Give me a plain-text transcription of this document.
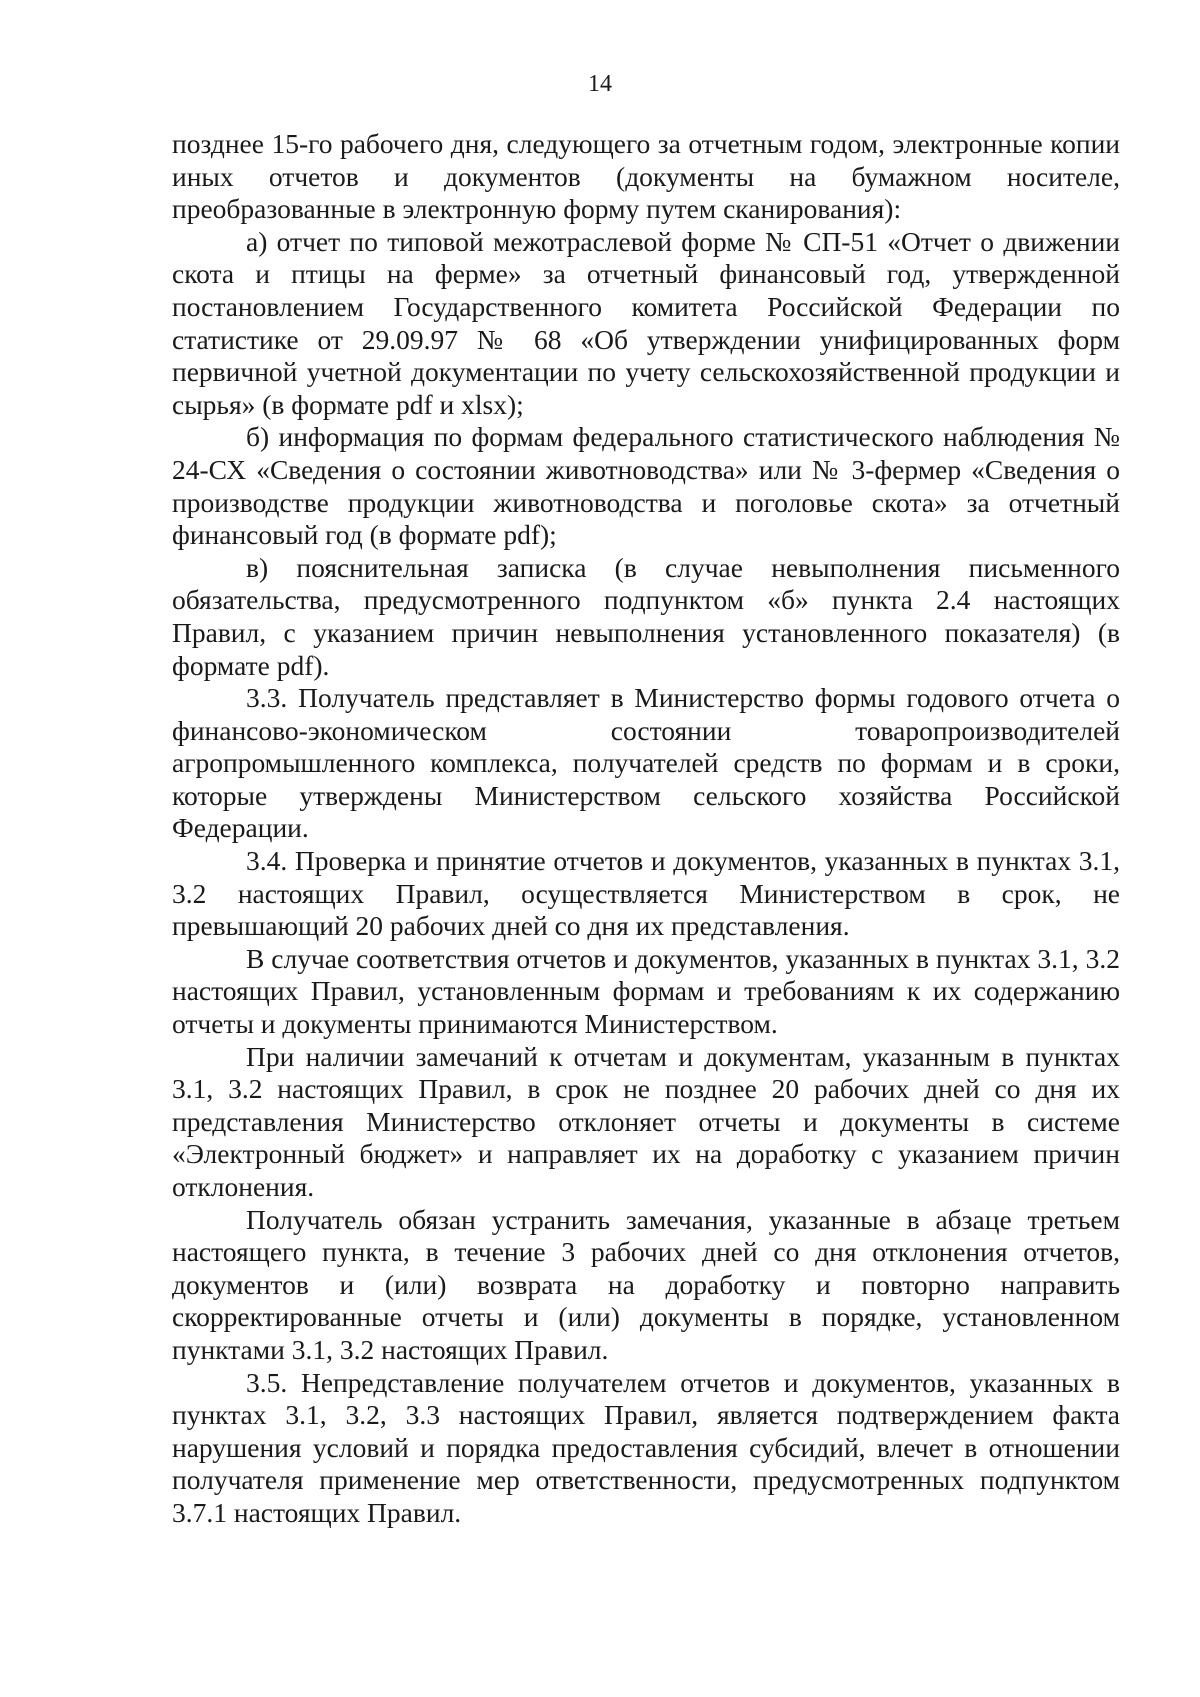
14

позднее 15-го рабочего дня, следующего за отчетным годом, электронные копии иных отчетов и документов (документы на бумажном носителе, преобразованные в электронную форму путем сканирования):

а) отчет по типовой межотраслевой форме № СП-51 «Отчет о движении скота и птицы на ферме» за отчетный финансовый год, утвержденной постановлением Государственного комитета Российской Федерации по статистике от 29.09.97 № 68 «Об утверждении унифицированных форм первичной учетной документации по учету сельскохозяйственной продукции и сырья» (в формате pdf и xlsx);

б) информация по формам федерального статистического наблюдения № 24-СХ «Сведения о состоянии животноводства» или № 3-фермер «Сведения о производстве продукции животноводства и поголовье скота» за отчетный финансовый год (в формате pdf);

в) пояснительная записка (в случае невыполнения письменного обязательства, предусмотренного подпунктом «б» пункта 2.4 настоящих Правил, с указанием причин невыполнения установленного показателя) (в формате pdf).

3.3. Получатель представляет в Министерство формы годового отчета о финансово-экономическом состоянии товаропроизводителей агропромышленного комплекса, получателей средств по формам и в сроки, которые утверждены Министерством сельского хозяйства Российской Федерации.

3.4. Проверка и принятие отчетов и документов, указанных в пунктах 3.1, 3.2 настоящих Правил, осуществляется Министерством в срок, не превышающий 20 рабочих дней со дня их представления.

В случае соответствия отчетов и документов, указанных в пунктах 3.1, 3.2 настоящих Правил, установленным формам и требованиям к их содержанию отчеты и документы принимаются Министерством.

При наличии замечаний к отчетам и документам, указанным в пунктах 3.1, 3.2 настоящих Правил, в срок не позднее 20 рабочих дней со дня их представления Министерство отклоняет отчеты и документы в системе «Электронный бюджет» и направляет их на доработку с указанием причин отклонения.

Получатель обязан устранить замечания, указанные в абзаце третьем настоящего пункта, в течение 3 рабочих дней со дня отклонения отчетов, документов и (или) возврата на доработку и повторно направить скорректированные отчеты и (или) документы в порядке, установленном пунктами 3.1, 3.2 настоящих Правил.

3.5. Непредставление получателем отчетов и документов, указанных в пунктах 3.1, 3.2, 3.3 настоящих Правил, является подтверждением факта нарушения условий и порядка предоставления субсидий, влечет в отношении получателя применение мер ответственности, предусмотренных подпунктом 3.7.1 настоящих Правил.
